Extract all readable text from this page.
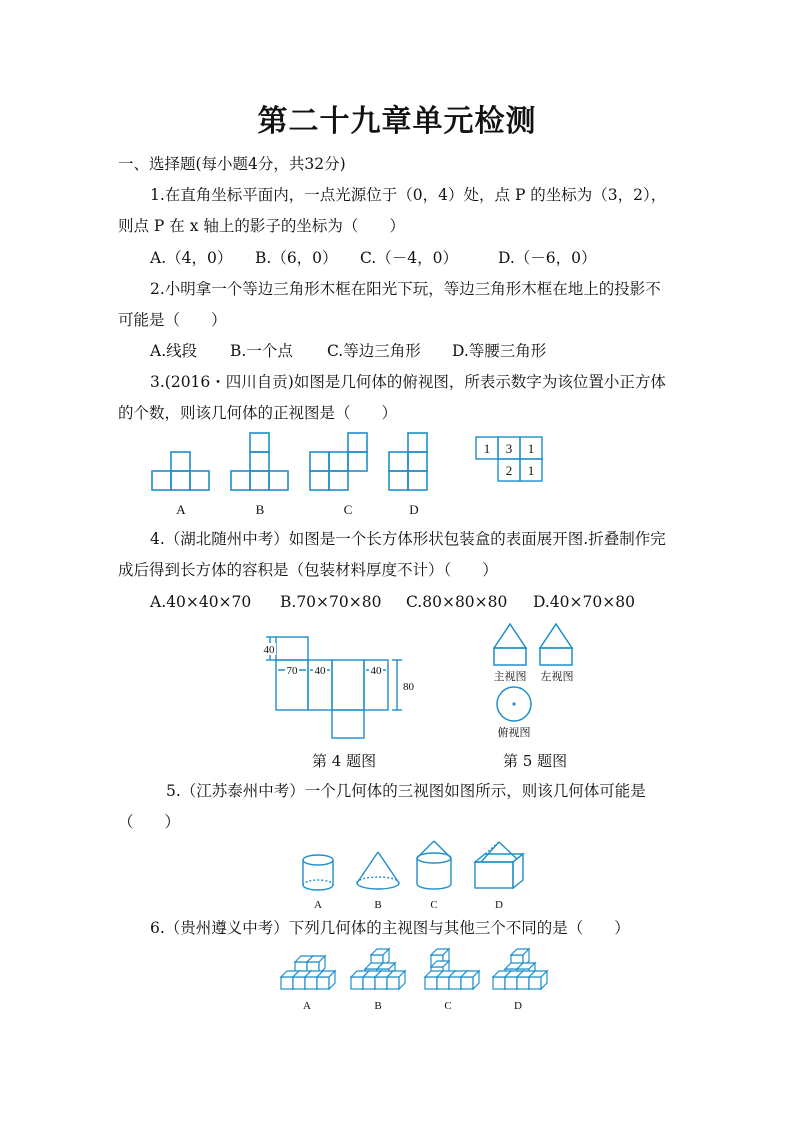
第二十九章单元检测
一、选择题(每小题4分，共32分)
1.在直角坐标平面内，一点光源位于（0，4）处，点 P 的坐标为（3，2），
则点 P 在 x 轴上的影子的坐标为（　　）
A.（4，0） B.（6，0） C.（－4，0）	D.（－6，0）
2.小明拿一个等边三角形木框在阳光下玩，等边三角形木框在地上的投影不
可能是（　　）
A.线段 B.一个点 C.等边三角形 D.等腰三角形
3.(2016・四川自贡)如图是几何体的俯视图，所表示数字为该位置小正方体
的个数，则该几何体的正视图是（　　）
1 3 1
2 1
A	B	C	D
4.（湖北随州中考）如图是一个长方体形状包装盒的表面展开图.折叠制作完
成后得到长方体的容积是（包装材料厚度不计）（　　）
A.40×40×70 B.70×70×80 C.80×80×80 D.40×70×80
40
70 40	40
80
主视图 左视图
俯视图
第 4 题图	第 5 题图
5.（江苏泰州中考）一个几何体的三视图如图所示，则该几何体可能是
（　　）
A	B	C	D
6.（贵州遵义中考）下列几何体的主视图与其他三个不同的是（　　）
A	B	C	D
